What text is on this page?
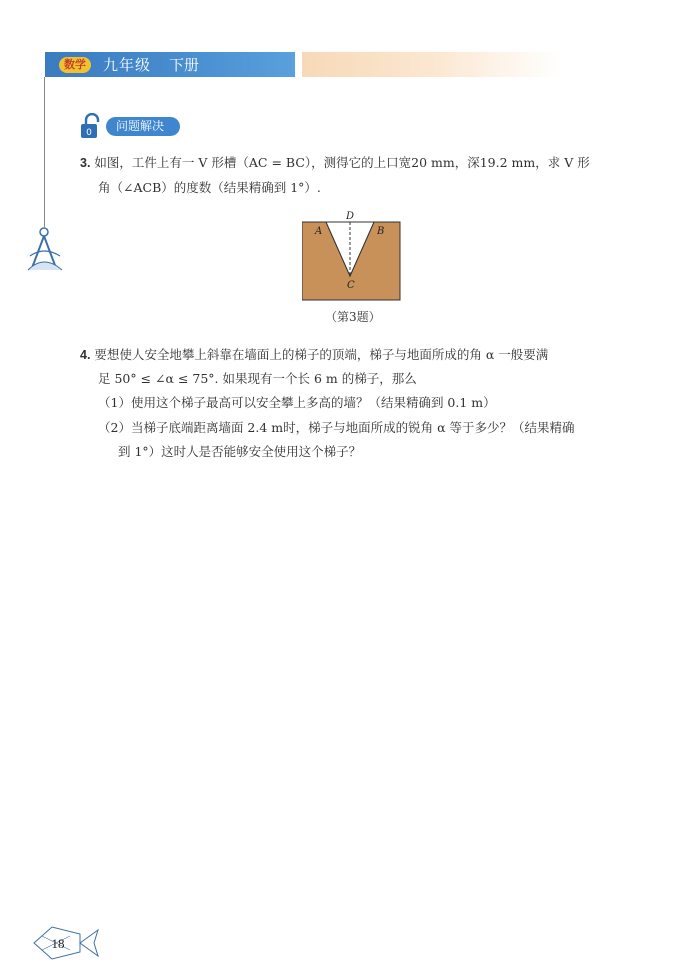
数学	九年级 下册
0
问题解决
3. 如图，工件上有一 V 形槽（AC = BC），测得它的上口宽20 mm，深19.2 mm，求 V 形
角（∠ACB）的度数（结果精确到 1°）.
D
A	B
C
（第3题）
4. 要想使人安全地攀上斜靠在墙面上的梯子的顶端，梯子与地面所成的角 α 一般要满
足 50° ≤ ∠α ≤ 75°. 如果现有一个长 6 m 的梯子，那么
（1）使用这个梯子最高可以安全攀上多高的墙？（结果精确到 0.1 m）
（2）当梯子底端距离墙面 2.4 m时，梯子与地面所成的锐角 α 等于多少？（结果精确
到 1°）这时人是否能够安全使用这个梯子？
18
